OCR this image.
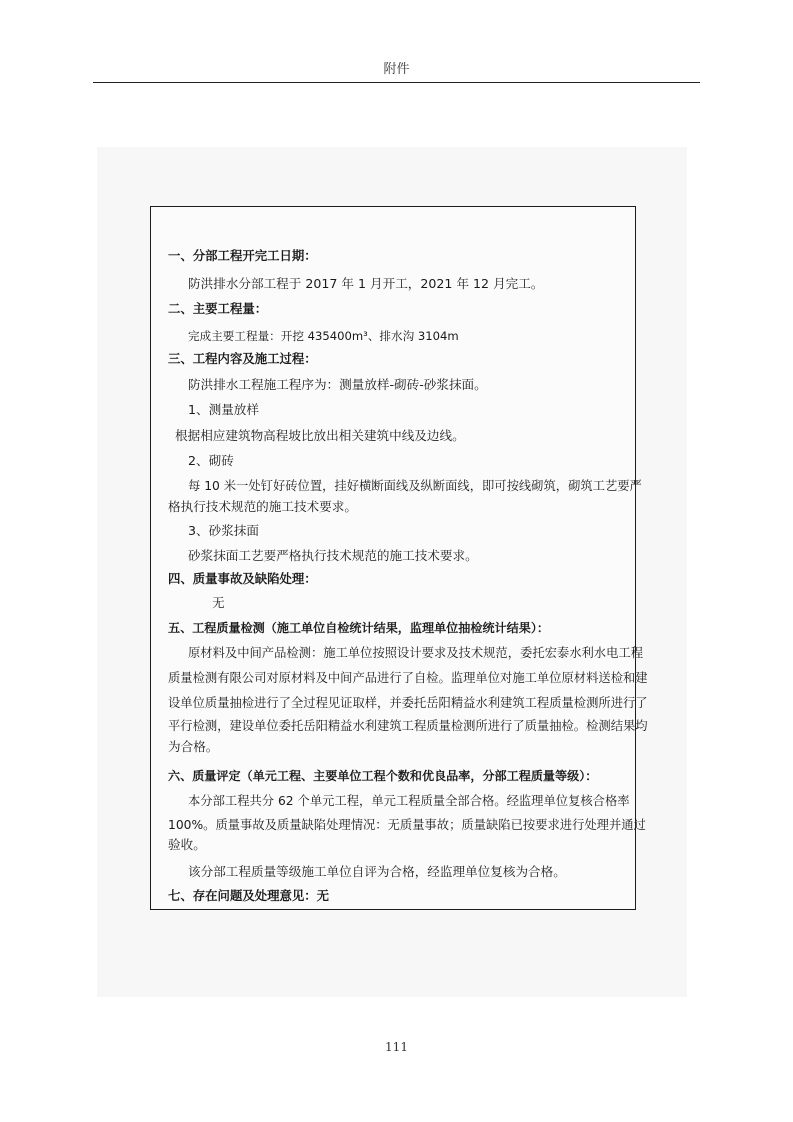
附件
一、分部工程开完工日期：
防洪排水分部工程于 2017 年 1 月开工，2021 年 12 月完工。
二、主要工程量：
完成主要工程量：开挖 435400m³、排水沟 3104m
三、工程内容及施工过程：
防洪排水工程施工程序为：测量放样-砌砖-砂浆抹面。
1、测量放样
根据相应建筑物高程坡比放出相关建筑中线及边线。
2、砌砖
每 10 米一处钉好砖位置，挂好横断面线及纵断面线，即可按线砌筑，砌筑工艺要严
格执行技术规范的施工技术要求。
3、砂浆抹面
砂浆抹面工艺要严格执行技术规范的施工技术要求。
四、质量事故及缺陷处理：
无
五、工程质量检测（施工单位自检统计结果，监理单位抽检统计结果）：
原材料及中间产品检测：施工单位按照设计要求及技术规范，委托宏泰水利水电工程
质量检测有限公司对原材料及中间产品进行了自检。监理单位对施工单位原材料送检和建
设单位质量抽检进行了全过程见证取样，并委托岳阳精益水利建筑工程质量检测所进行了
平行检测，建设单位委托岳阳精益水利建筑工程质量检测所进行了质量抽检。检测结果均
为合格。
六、质量评定（单元工程、主要单位工程个数和优良品率，分部工程质量等级）：
本分部工程共分 62 个单元工程，单元工程质量全部合格。经监理单位复核合格率
100%。质量事故及质量缺陷处理情况：无质量事故；质量缺陷已按要求进行处理并通过
验收。
该分部工程质量等级施工单位自评为合格，经监理单位复核为合格。
七、存在问题及处理意见：无
111
